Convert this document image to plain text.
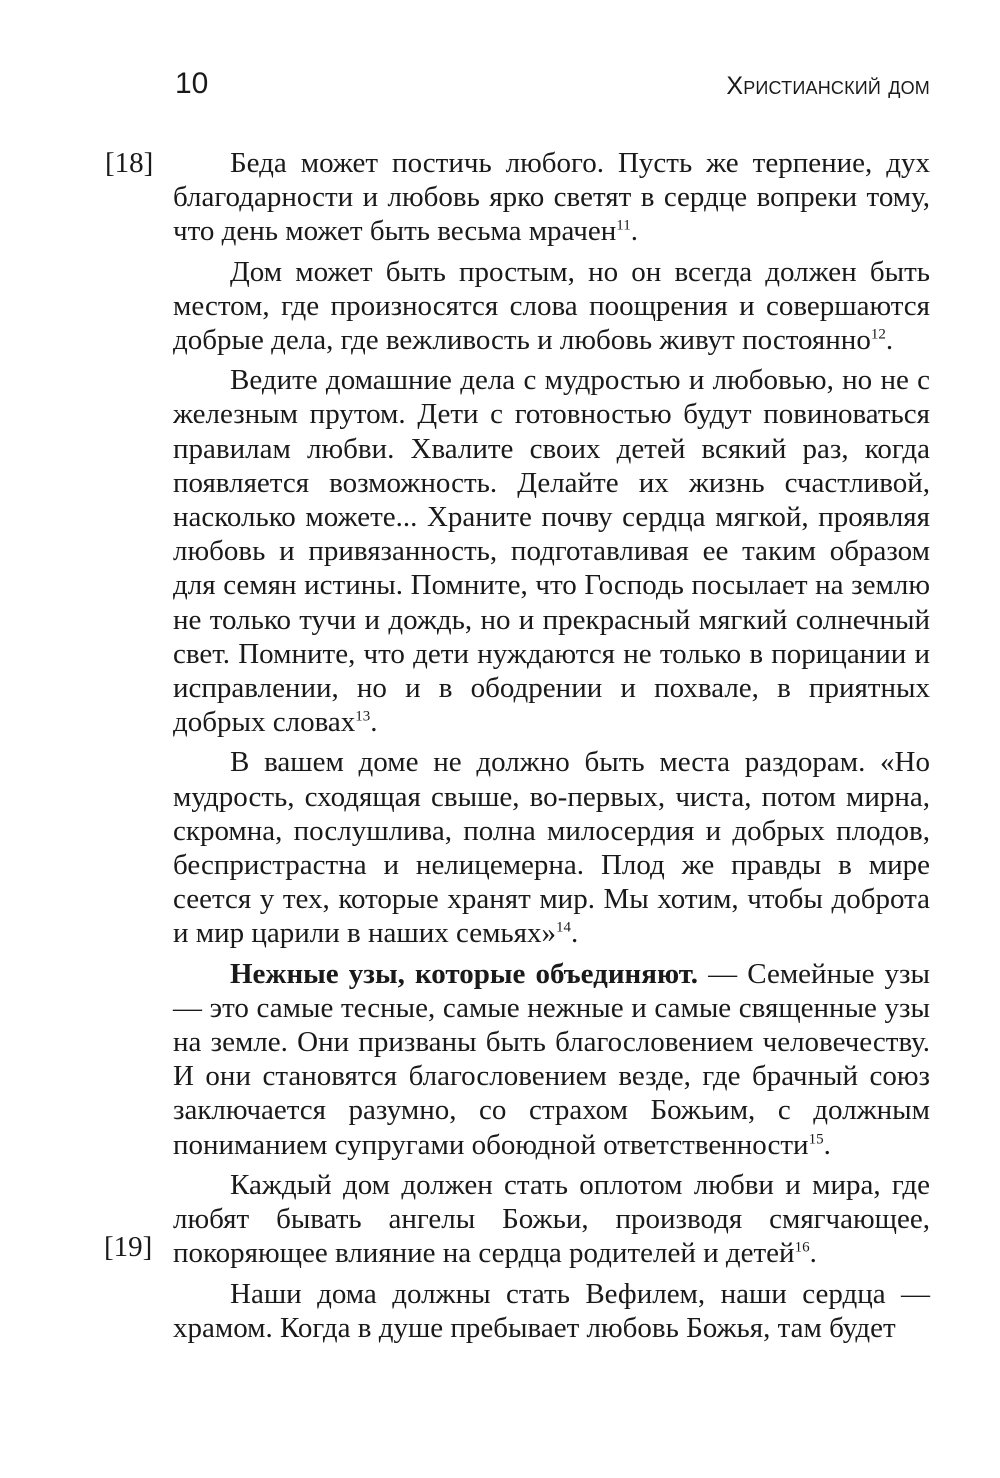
10	Христианский дом
[18]
[19]

Беда может постичь любого. Пусть же терпение, дух благодарности и любовь ярко светят в сердце вопреки тому, что день может быть весьма мрачен$^{11}$.

Дом может быть простым, но он всегда должен быть местом, где произносятся слова поощрения и совершаются добрые дела, где вежливость и любовь живут постоянно$^{12}$.

Ведите домашние дела с мудростью и любовью, но не с железным прутом. Дети с готовностью будут повиноваться правилам любви. Хвалите своих детей всякий раз, когда появляется возможность. Делайте их жизнь счастливой, насколько можете... Храните почву сердца мягкой, проявляя любовь и привязанность, подготавливая ее таким образом для семян истины. Помните, что Господь посылает на землю не только тучи и дождь, но и прекрасный мягкий солнечный свет. Помните, что дети нуждаются не только в порицании и исправлении, но и в ободрении и похвале, в приятных добрых словах$^{13}$.

В вашем доме не должно быть места раздорам. «Но мудрость, сходящая свыше, во-первых, чиста, потом мирна, скромна, послушлива, полна милосердия и добрых плодов, беспристрастна и нелицемерна. Плод же правды в мире сеется у тех, которые хранят мир. Мы хотим, чтобы доброта и мир царили в наших семьях»$^{14}$.

Нежные узы, которые объединяют. — Семейные узы — это самые тесные, самые нежные и самые священные узы на земле. Они призваны быть благословением человечеству. И они становятся благословением везде, где брачный союз заключается разумно, со страхом Божьим, с должным пониманием супругами обоюдной ответственности$^{15}$.

Каждый дом должен стать оплотом любви и мира, где любят бывать ангелы Божьи, производя смягчающее, покоряющее влияние на сердца родителей и детей$^{16}$.

Наши дома должны стать Вефилем, наши сердца — храмом. Когда в душе пребывает любовь Божья, там будет
